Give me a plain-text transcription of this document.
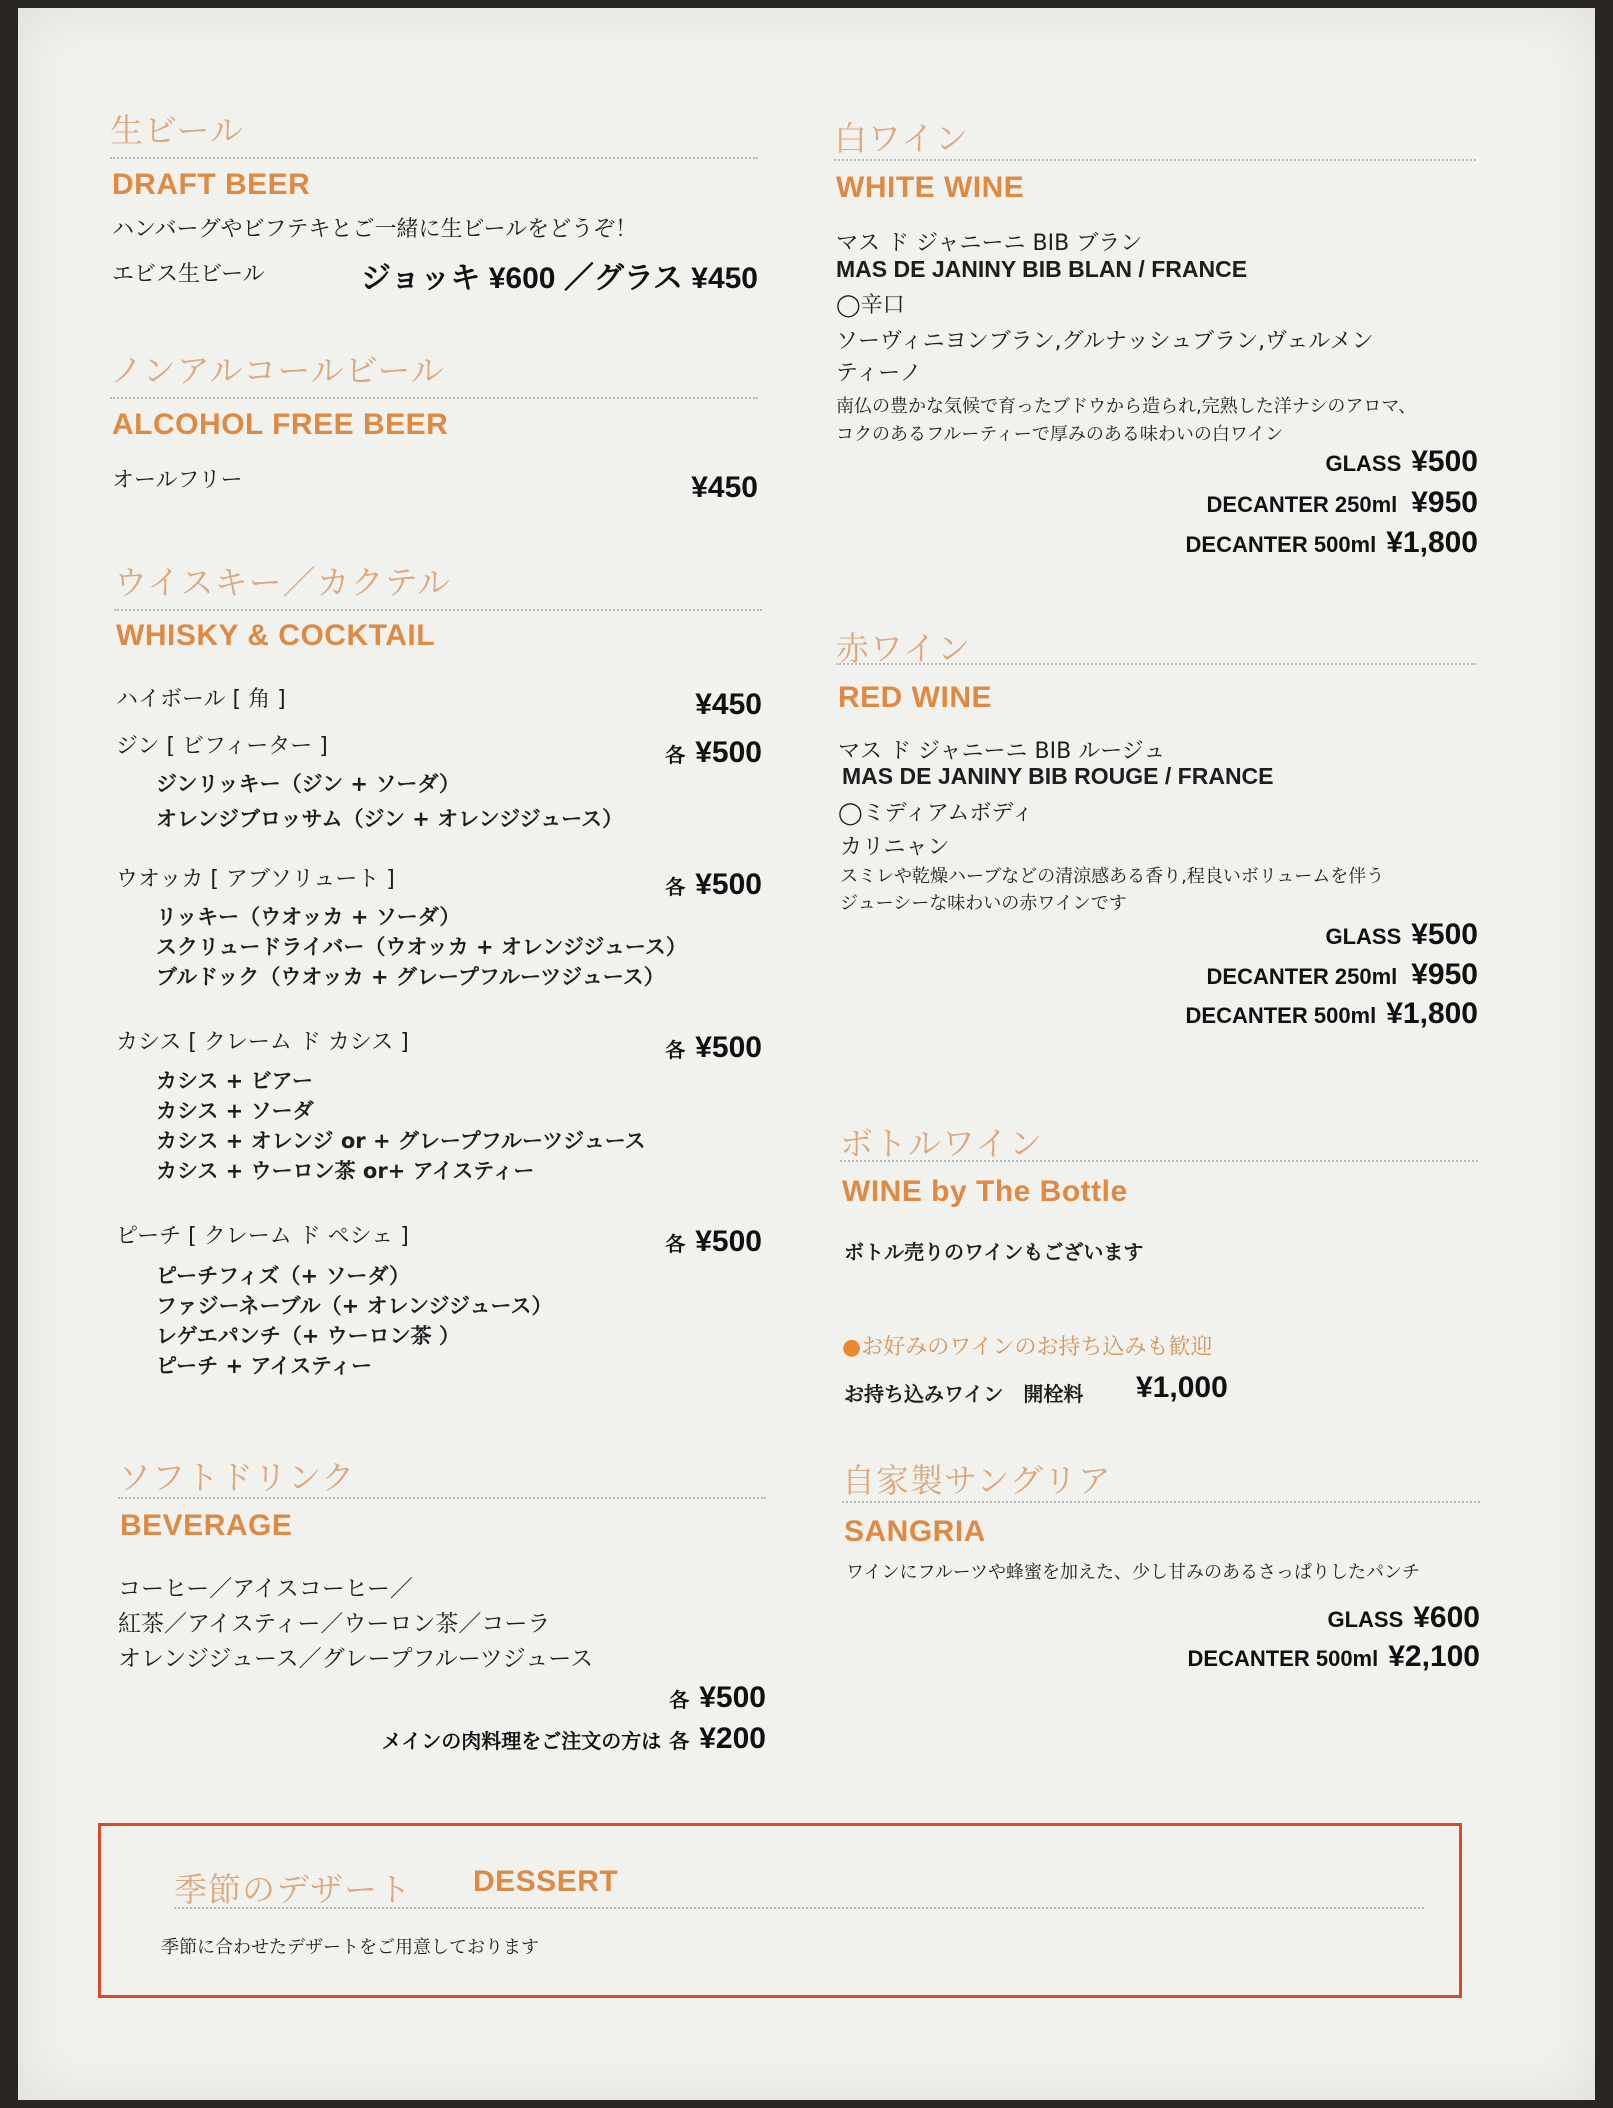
生ビール
DRAFT BEER
ハンバーグやビフテキとご一緒に生ビールをどうぞ！
エビス生ビール	ジョッキ ¥600 ／グラス ¥450
ノンアルコールビール
ALCOHOL FREE BEER
オールフリー	¥450
ウイスキー／カクテル
WHISKY & COCKTAIL
ハイボール [ 角 ]	¥450
ジン [ ビフィーター ]	各 ¥500
ジンリッキー（ジン + ソーダ）
オレンジブロッサム（ジン + オレンジジュース）
ウオッカ [ アブソリュート ]	各 ¥500
リッキー（ウオッカ + ソーダ）
スクリュードライバー（ウオッカ + オレンジジュース）
ブルドック（ウオッカ + グレープフルーツジュース）
カシス [ クレーム ド カシス ]	各 ¥500
カシス + ビアー
カシス + ソーダ
カシス + オレンジ or + グレープフルーツジュース
カシス + ウーロン茶 or+ アイスティー
ピーチ [ クレーム ド ペシェ ]	各 ¥500
ピーチフィズ（+ ソーダ）
ファジーネーブル（+ オレンジジュース）
レゲエパンチ（+ ウーロン茶 ）
ピーチ + アイスティー
ソフトドリンク
BEVERAGE
コーヒー／アイスコーヒー／
紅茶／アイスティー／ウーロン茶／コーラ
オレンジジュース／グレープフルーツジュース
各 ¥500
メインの肉料理をご注文の方は 各 ¥200
白ワイン
WHITE WINE
マス ド ジャニーニ BIB ブラン
MAS DE JANINY BIB BLAN / FRANCE
◯辛口
ソーヴィニヨンブラン,グルナッシュブラン,ヴェルメン
ティーノ
南仏の豊かな気候で育ったブドウから造られ,完熟した洋ナシのアロマ、
コクのあるフルーティーで厚みのある味わいの白ワイン
GLASS ¥500
DECANTER 250ml ¥950
DECANTER 500ml ¥1,800
赤ワイン
RED WINE
マス ド ジャニーニ BIB ルージュ
MAS DE JANINY BIB ROUGE / FRANCE
◯ミディアムボディ
カリニャン
スミレや乾燥ハーブなどの清涼感ある香り,程良いボリュームを伴う
ジューシーな味わいの赤ワインです
GLASS ¥500
DECANTER 250ml ¥950
DECANTER 500ml ¥1,800
ボトルワイン
WINE by The Bottle
ボトル売りのワインもございます
●お好みのワインのお持ち込みも歓迎
お持ち込みワイン　開栓料 ¥1,000
自家製サングリア
SANGRIA
ワインにフルーツや蜂蜜を加えた、少し甘みのあるさっぱりしたパンチ
GLASS ¥600
DECANTER 500ml ¥2,100
季節のデザート DESSERT
季節に合わせたデザートをご用意しております
